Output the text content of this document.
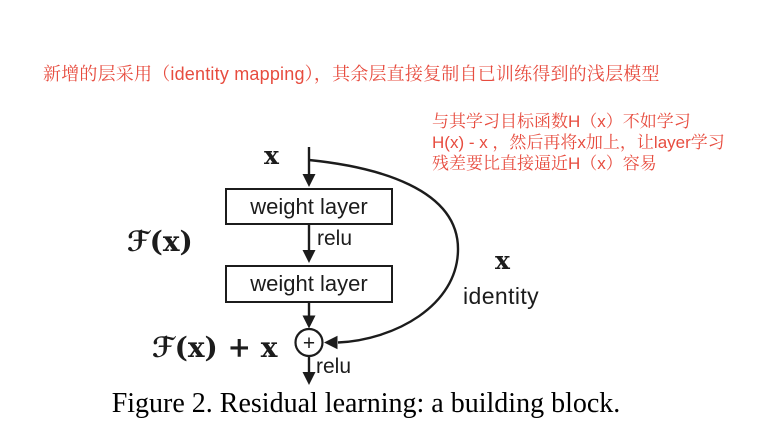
新增的层采用（identity mapping），其余层直接复制自已训练得到的浅层模型
与其学习目标函数H（x）不如学习
H(x) - x ，然后再将x加上，让layer学习
残差要比直接逼近H（x）容易
+
weight layer
weight layer
x
relu
ℱ(x)
ℱ(x) + x
x
identity
relu
Figure 2. Residual learning: a building block.
